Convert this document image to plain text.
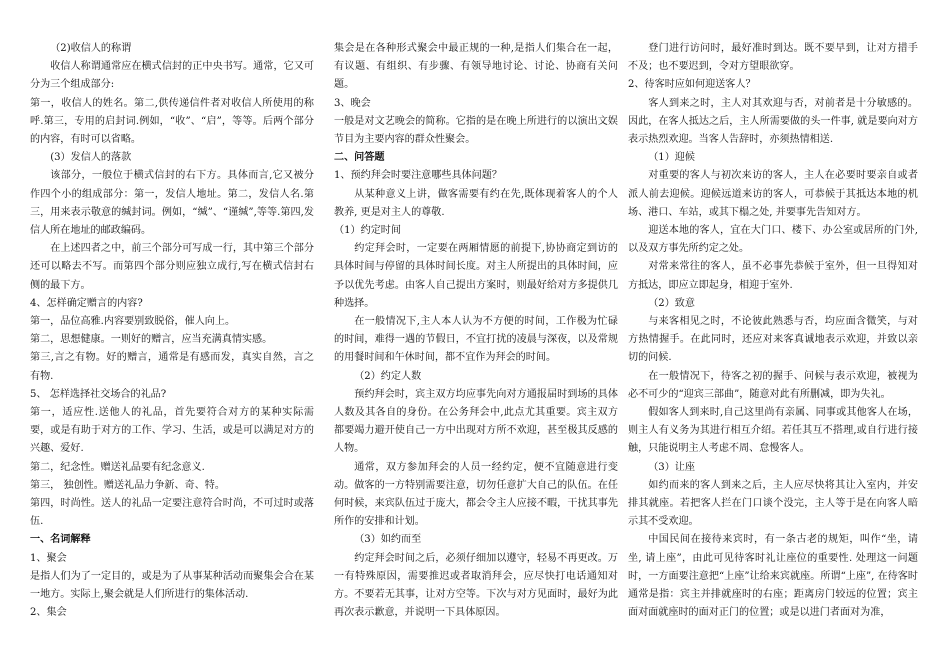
（2)收信人的称谓

收信人称谓通常应在横式信封的正中央书写。通常，它又可分为三个组成部分:

第一，收信人的姓名。第二,供传递信件者对收信人所使用的称呼.第三，专用的启封词.例如，“收”、“启”，等等。后两个部分的内容，有时可以省略。

(3）发信人的落款

该部分，一般位于横式信封的右下方。具体而言,它又被分作四个小的组成部分：第一，发信人地址。第二，发信人名.第三，用来表示敬意的缄封词。例如，“缄”、“谨缄”,等等.第四,发信人所在地址的邮政编码。

在上述四者之中，前三个部分可写成一行，其中第三个部分还可以略去不写。而第四个部分则应独立成行,写在横式信封右侧的最下方。

4、怎样确定赠言的内容?

第一，品位高雅.内容要别致脱俗，催人向上。

第二，思想健康。一则好的赠言，应当充满真情实感。

第三,言之有物。好的赠言，通常是有感而发，真实自然，言之有物.

5、 怎样选择社交场合的礼品?

第一，适应性.送他人的礼品，首先要符合对方的某种实际需要，或是有助于对方的工作、学习、生活，或是可以满足对方的兴趣、爱好.

第二，纪念性。赠送礼品要有纪念意义.

第三， 独创性。赠送礼品力争新、奇、特。

第四，时尚性。送人的礼品一定要注意符合时尚，不可过时或落伍.

一、名词解释

1、聚会

是指人们为了一定目的，或是为了从事某种活动而聚集会合在某一地方。实际上,聚会就是人们所进行的集体活动.

2、集会

集会是在各种形式聚会中最正规的一种,是指人们集合在一起，有议题、有组织、有步骤、有领导地讨论、讨论、协商有关问题。

3、晚会

一般是对文艺晚会的简称。它指的是在晚上所进行的以演出文娱节目为主要内容的群众性聚会。

二、问答题

1、预约拜会时要注意哪些具体问题？

从某种意义上讲，做客需要有约在先,既体现着客人的个人教养, 更是对主人的尊敬.

（1）约定时间

约定拜会时，一定要在两厢情愿的前提下,协协商定到访的具体时间与停留的具体时间长度。对主人所提出的具体时间，应予以优先考虑。由客人自己提出方案时，则最好给对方多提供几种选择。

在一般情况下,主人本人认为不方便的时间，工作极为忙碌的时间，难得一遇的节假日，不宜打扰的凌晨与深夜，以及常规的用餐时间和午休时间，都不宜作为拜会的时间。

（2）约定人数

预约拜会时，宾主双方均应事先向对方通报届时到场的具体人数及其各自的身份。在公务拜会中,此点尤其重要。宾主双方都要竭力避开使自己一方中出现对方所不欢迎，甚至极其反感的人物。

通常，双方参加拜会的人员一经约定，便不宜随意进行变动。做客的一方特别需要注意，切勿任意扩大自己的队伍。在任何时候，来宾队伍过于庞大，都会令主人应接不暇，干扰其事先所作的安排和计划。

（3）如约而至

约定拜会时间之后，必须仔细加以遵守，轻易不再更改。万一有特殊原因，需要推迟或者取消拜会，应尽快打电话通知对方。不要若无其事，让对方空等。下次与对方见面时，最好为此再次表示歉意，并说明一下具体原因。

登门进行访问时，最好准时到达。既不要早到，让对方措手不及；也不要迟到，令对方望眼欲穿。

2、待客时应如何迎送客人？

客人到来之时，主人对其欢迎与否，对前者是十分敏感的。因此，在客人抵达之后，主人所需要做的头一件事, 就是要向对方表示热烈欢迎。当客人告辞时，亦须热情相送.

（1）迎候

对重要的客人与初次来访的客人，主人在必要时要亲自或者派人前去迎候。迎候远道来访的客人，可恭候于其抵达本地的机场、港口、车站，或其下榻之处, 并要事先告知对方。

迎送本地的客人，宜在大门口、楼下、办公室或居所的门外,以及双方事先所约定之处。

对常来常往的客人，虽不必事先恭候于室外，但一旦得知对方抵达，即应立即起身，相迎于室外.

（2）致意

与来客相见之时，不论彼此熟悉与否，均应面含微笑，与对方热情握手。在此同时，还应对来客真诚地表示欢迎，并致以亲切的问候.

在一般情况下，待客之初的握手、问候与表示欢迎，被视为必不可少的“迎宾三部曲”，随意对此有所删减，即为失礼。

假如客人到来时,自己这里尚有亲属、同事或其他客人在场，则主人有义务为其进行相互介绍。若任其互不搭理,或自行进行接触，只能说明主人考虑不周、怠慢客人。

（3）让座

如约而来的客人到来之后，主人应尽快将其让入室内，并安排其就座。若把客人拦在门口谈个没完，主人等于是在向客人暗示其不受欢迎。

中国民间在接待来宾时，有一条古老的规矩，叫作“坐，请坐, 请上座”，由此可见待客时礼让座位的重要性. 处理这一问题时，一方面要注意把“上座”让给来宾就座。所谓“上座”, 在待客时通常是指：宾主并排就座时的右座；距离房门较远的位置；宾主面对面就座时的面对正门的位置；或是以进门者面对为准，
